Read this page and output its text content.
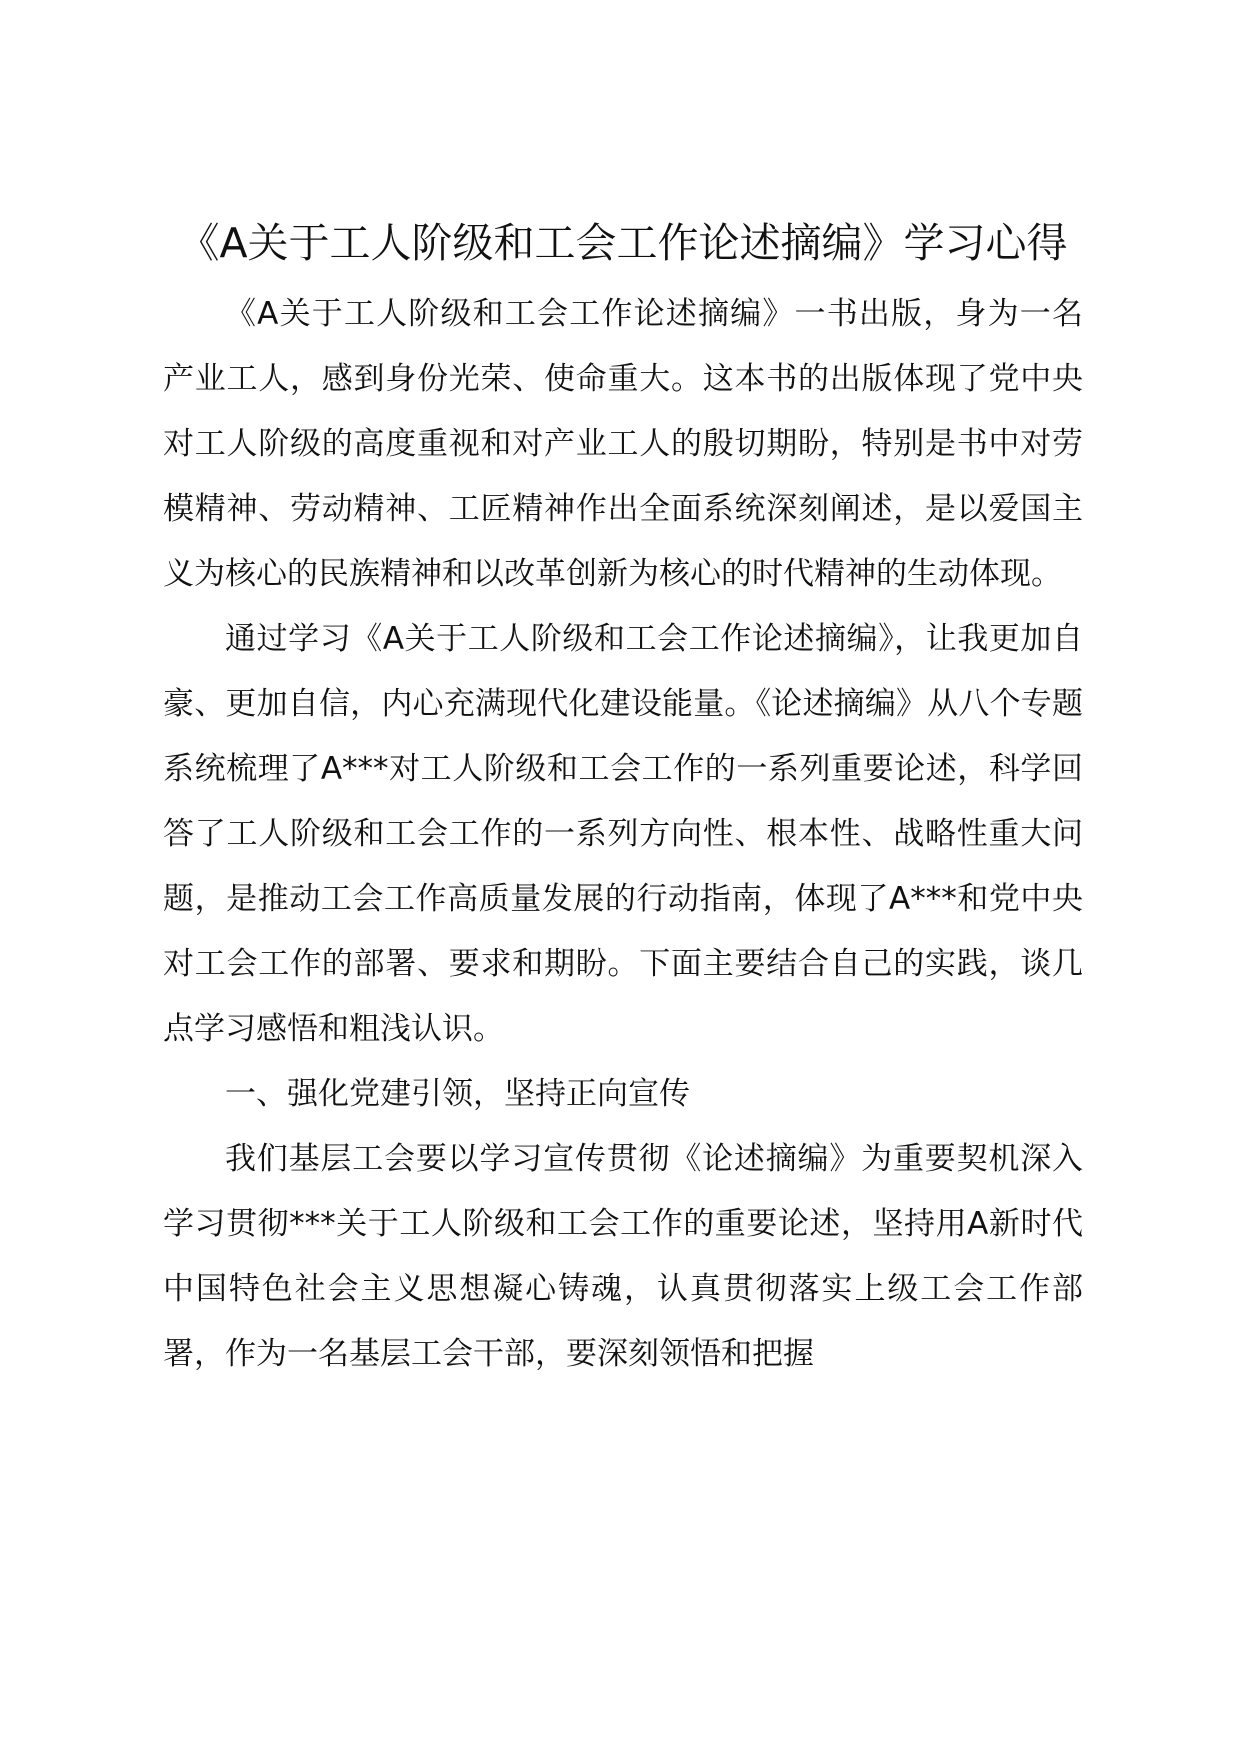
《A关于工人阶级和工会工作论述摘编》学习心得

《A关于工人阶级和工会工作论述摘编》一书出版，身为一名产业工人，感到身份光荣、使命重大。这本书的出版体现了党中央对工人阶级的高度重视和对产业工人的殷切期盼，特别是书中对劳模精神、劳动精神、工匠精神作出全面系统深刻阐述，是以爱国主义为核心的民族精神和以改革创新为核心的时代精神的生动体现。

通过学习《A关于工人阶级和工会工作论述摘编》，让我更加自豪、更加自信，内心充满现代化建设能量。《论述摘编》从八个专题系统梳理了A***对工人阶级和工会工作的一系列重要论述，科学回答了工人阶级和工会工作的一系列方向性、根本性、战略性重大问题，是推动工会工作高质量发展的行动指南，体现了A***和党中央对工会工作的部署、要求和期盼。下面主要结合自己的实践，谈几点学习感悟和粗浅认识。

一、强化党建引领，坚持正向宣传

我们基层工会要以学习宣传贯彻《论述摘编》为重要契机深入学习贯彻***关于工人阶级和工会工作的重要论述，坚持用A新时代中国特色社会主义思想凝心铸魂，认真贯彻落实上级工会工作部署，作为一名基层工会干部，要深刻领悟和把握
